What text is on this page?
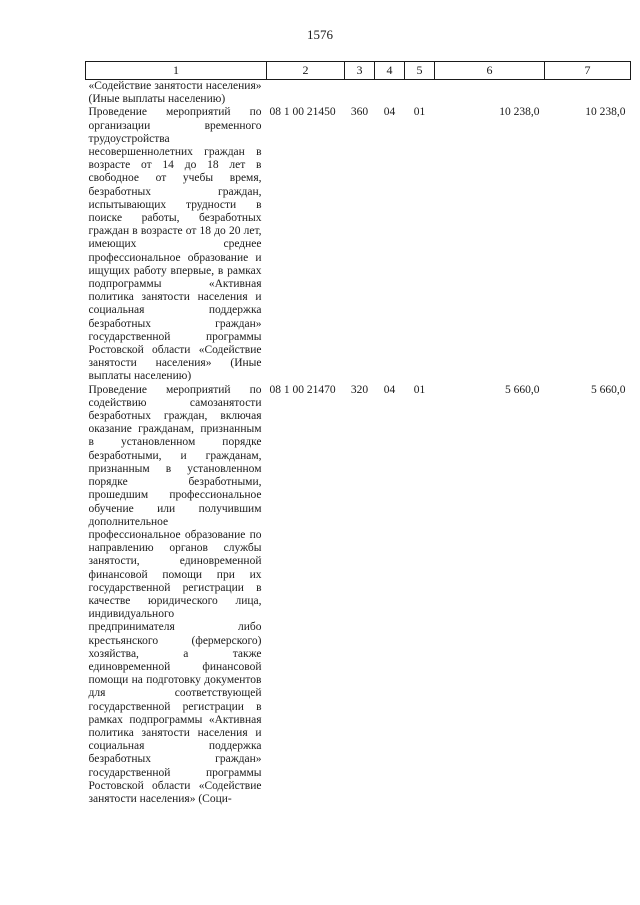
1576
1	2	3	4	5	6	7
«Содействие занятости населения» (Иные выплаты населению)						
Проведение мероприятий по организации временного трудоустройства несовершеннолетних граждан в возрасте от 14 до 18 лет в свободное от учебы время, безработных граждан, испытывающих трудности в поиске работы, безработных граждан в возрасте от 18 до 20 лет, имеющих среднее профессиональное образование и ищущих работу впервые, в рамках подпрограммы «Активная политика занятости населения и социальная поддержка безработных граждан» государственной программы Ростовской области «Содействие занятости населения» (Иные выплаты населению)	08 1 00 21450	360	04	01	10 238,0	10 238,0
Проведение мероприятий по содействию самозанятости безработных граждан, включая оказание гражданам, признанным в установленном порядке безработными, и гражданам, признанным в установленном порядке безработными, прошедшим профессиональное обучение или получившим дополнительное профессиональное образование по направлению органов службы занятости, единовременной финансовой помощи при их государственной регистрации в качестве юридического лица, индивидуального предпринимателя либо крестьянского (фермерского) хозяйства, а также единовременной финансовой помощи на подготовку документов для соответствующей государственной регистрации в рамках подпрограммы «Активная политика занятости населения и социальная поддержка безработных граждан» государственной программы Ростовской области «Содействие занятости населения» (Соци-	08 1 00 21470	320	04	01	5 660,0	5 660,0
